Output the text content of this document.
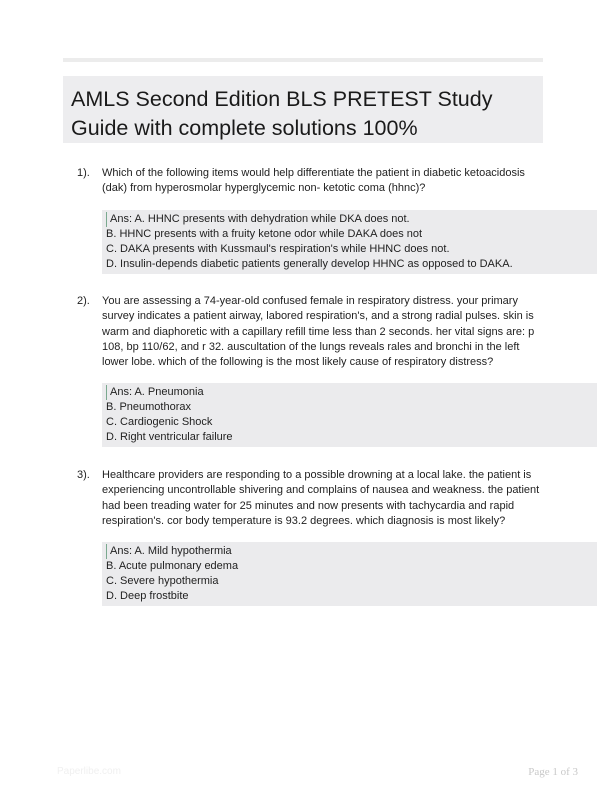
AMLS Second Edition BLS PRETEST Study Guide with complete solutions 100%
1). Which of the following items would help differentiate the patient in diabetic ketoacidosis (dak) from hyperosmolar hyperglycemic non- ketotic coma (hhnc)?
Ans: A. HHNC presents with dehydration while DKA does not.
B. HHNC presents with a fruity ketone odor while DAKA does not
C. DAKA presents with Kussmaul's respiration's while HHNC does not.
D. Insulin-depends diabetic patients generally develop HHNC as opposed to DAKA.
2). You are assessing a 74-year-old confused female in respiratory distress. your primary survey indicates a patient airway, labored respiration's, and a strong radial pulses. skin is warm and diaphoretic with a capillary refill time less than 2 seconds. her vital signs are: p 108, bp 110/62, and r 32. auscultation of the lungs reveals rales and bronchi in the left lower lobe. which of the following is the most likely cause of respiratory distress?
Ans: A. Pneumonia
B. Pneumothorax
C. Cardiogenic Shock
D. Right ventricular failure
3). Healthcare providers are responding to a possible drowning at a local lake. the patient is experiencing uncontrollable shivering and complains of nausea and weakness. the patient had been treading water for 25 minutes and now presents with tachycardia and rapid respiration's. cor body temperature is 93.2 degrees. which diagnosis is most likely?
Ans: A. Mild hypothermia
B. Acute pulmonary edema
C. Severe hypothermia
D. Deep frostbite
Paperlibe.com	Page 1 of 3
